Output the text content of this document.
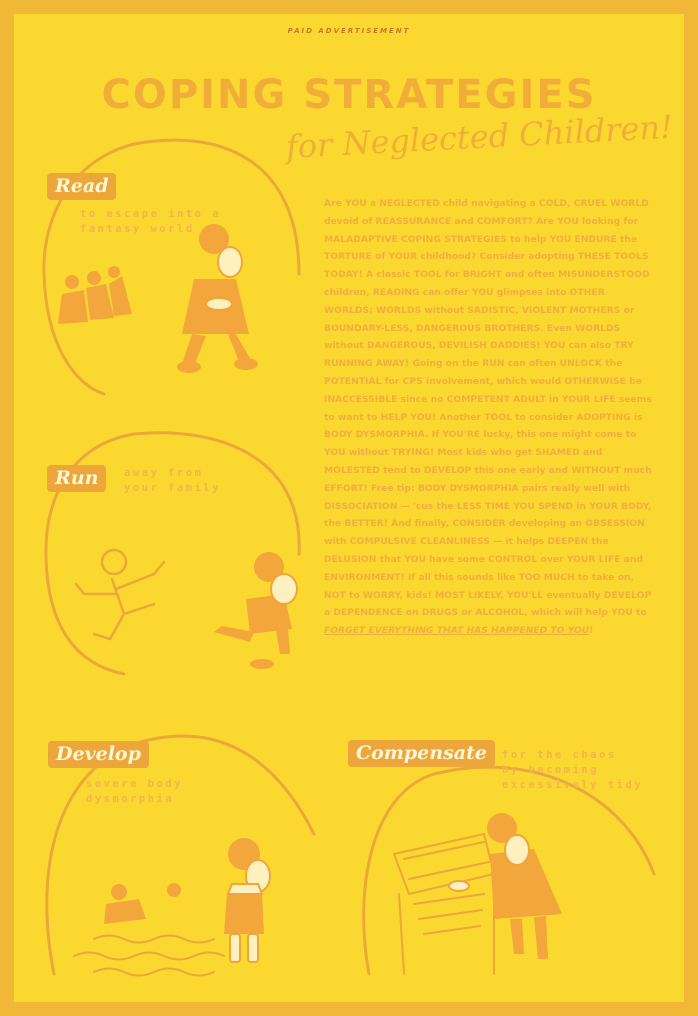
PAID ADVERTISEMENT
COPING STRATEGIES
for Neglected Children!
Read
to escape into a
fantasy world
Run	away from
your family
Develop
severe body
dysmorphia
Compensate	for the chaos
by becoming
excessively tidy
Are YOU a NEGLECTED child navigating a COLD, CRUEL WORLD devoid of REASSURANCE and COMFORT? Are YOU looking for MALADAPTIVE COPING STRATEGIES to help YOU ENDURE the TORTURE of YOUR childhood? Consider adopting THESE TOOLS TODAY! A classic TOOL for BRIGHT and often MISUNDERSTOOD children, READING can offer YOU glimpses into OTHER WORLDS; WORLDS without SADISTIC, VIOLENT MOTHERS or BOUNDARY-LESS, DANGEROUS BROTHERS. Even WORLDS without DANGEROUS, DEVILISH DADDIES! YOU can also TRY RUNNING AWAY! Going on the RUN can often UNLOCK the POTENTIAL for CPS involvement, which would OTHERWISE be INACCESSIBLE since no COMPETENT ADULT in YOUR LIFE seems to want to HELP YOU! Another TOOL to consider ADOPTING is BODY DYSMORPHIA. If YOU'RE lucky, this one might come to YOU without TRYING! Most kids who get SHAMED and MOLESTED tend to DEVELOP this one early and WITHOUT much EFFORT! Free tip: BODY DYSMORPHIA pairs really well with DISSOCIATION — 'cus the LESS TIME YOU SPEND in YOUR BODY, the BETTER! And finally, CONSIDER developing an OBSESSION with COMPULSIVE CLEANLINESS — it helps DEEPEN the DELUSION that YOU have some CONTROL over YOUR LIFE and ENVIRONMENT! If all this sounds like TOO MUCH to take on, NOT to WORRY, kids! MOST LIKELY, YOU'LL eventually DEVELOP a DEPENDENCE on DRUGS or ALCOHOL, which will help YOU to FORGET EVERYTHING THAT HAS HAPPENED TO YOU!
